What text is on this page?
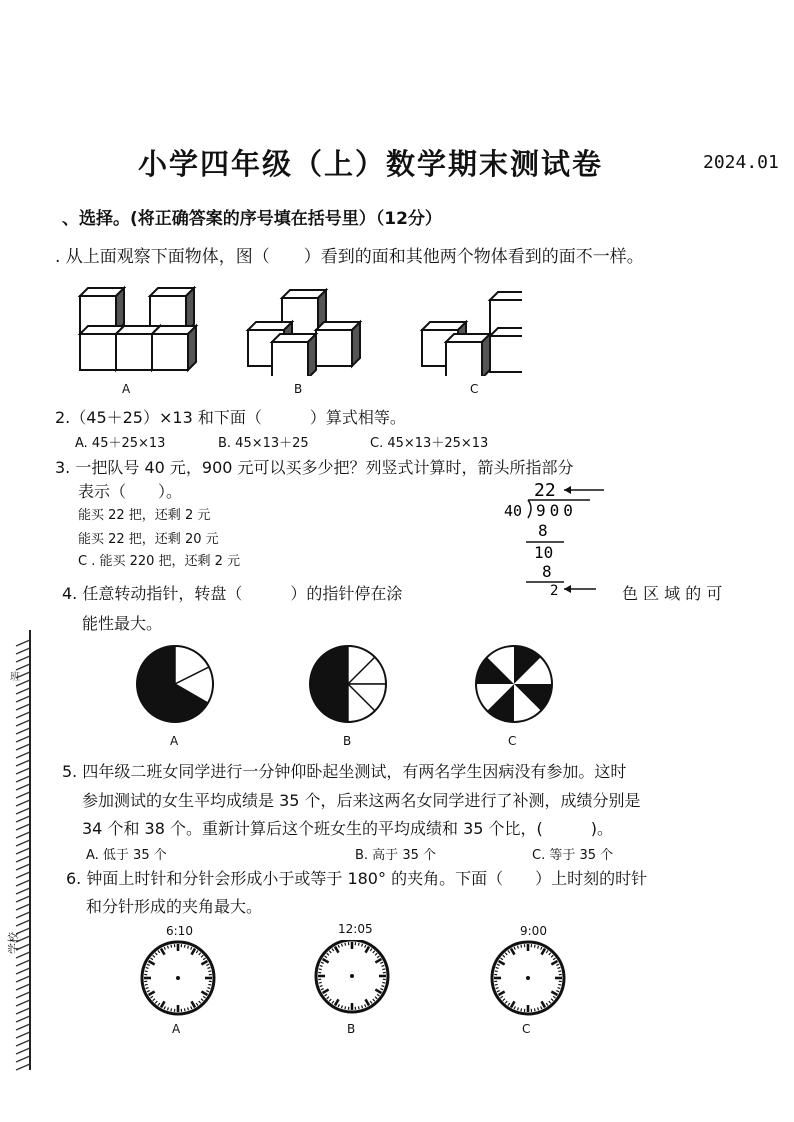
班
学校
小学四年级（上）数学期末测试卷	2024.01
、选择。(将正确答案的序号填在括号里）（12分）
. 从上面观察下面物体，图（　　）看到的面和其他两个物体看到的面不一样。
A	B	C
2.（45＋25）×13 和下面（　　　）算式相等。
A. 45＋25×13	B. 45×13＋25	C. 45×13＋25×13
3. 一把队号 40 元，900 元可以买多少把？列竖式计算时，箭头所指部分
表示（　　）。
能买 22 把，还剩 2 元
能买 22 把，还剩 20 元
C . 能买 220 把，还剩 2 元
22
40 900
8
10
8
2
4. 任意转动指针，转盘（　　　）的指针停在涂	色 区 域 的 可
能性最大。
A	B	C
5. 四年级二班女同学进行一分钟仰卧起坐测试，有两名学生因病没有参加。这时
参加测试的女生平均成绩是 35 个，后来这两名女同学进行了补测，成绩分别是
34 个和 38 个。重新计算后这个班女生的平均成绩和 35 个比，(　　　)。
A. 低于 35 个	B. 高于 35 个	C. 等于 35 个
6. 钟面上时针和分针会形成小于或等于 180° 的夹角。下面（　　）上时刻的时针
和分针形成的夹角最大。
6:10	12:05	9:00
A	B	C
